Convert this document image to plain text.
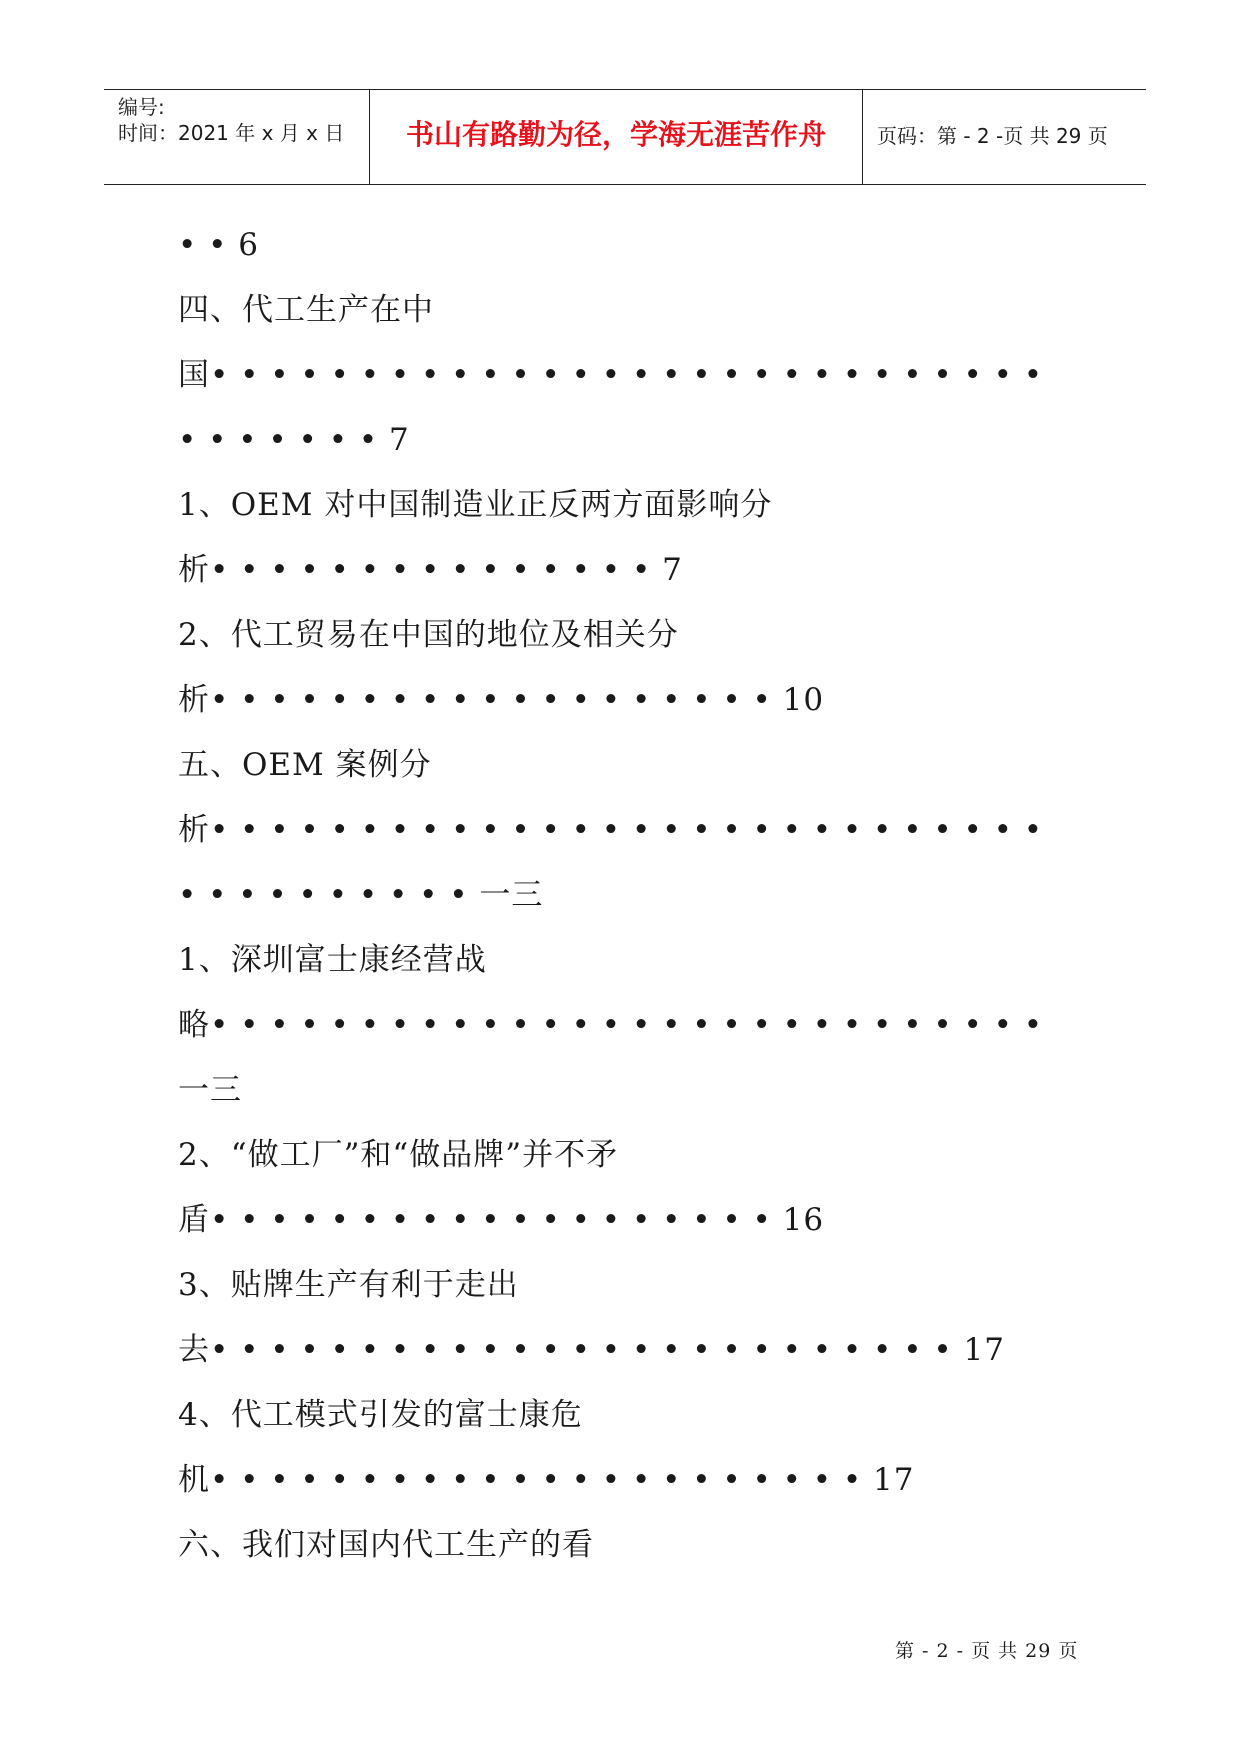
编号:
时间：2021 年 x 月 x 日	书山有路勤为径，学海无涯苦作舟	页码：第 - 2 -页 共 29 页
• • 6
四、代工生产在中
国• • • • • • • • • • • • • • • • • • • • • • • • • • • •
• • • • • • • 7
1、OEM 对中国制造业正反两方面影响分
析• • • • • • • • • • • • • • • 7
2、代工贸易在中国的地位及相关分
析• • • • • • • • • • • • • • • • • • • 10
五、OEM 案例分
析• • • • • • • • • • • • • • • • • • • • • • • • • • • •
• • • • • • • • • • 一三
1、深圳富士康经营战
略• • • • • • • • • • • • • • • • • • • • • • • • • • • •
一三
2、“做工厂”和“做品牌”并不矛
盾• • • • • • • • • • • • • • • • • • • 16
3、贴牌生产有利于走出
去• • • • • • • • • • • • • • • • • • • • • • • • • 17
4、代工模式引发的富士康危
机• • • • • • • • • • • • • • • • • • • • • • 17
六、我们对国内代工生产的看
第 - 2 - 页 共 29 页
